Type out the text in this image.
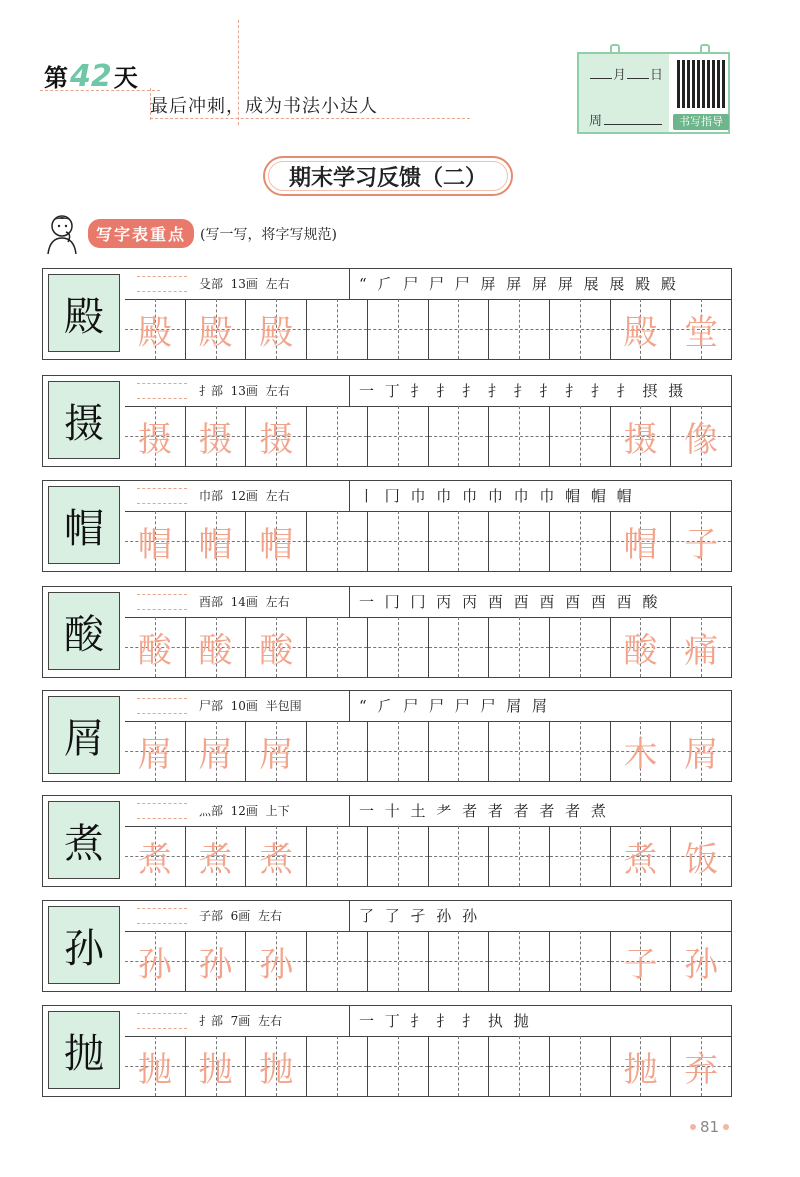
第 42 天
最后冲刺，成为书法小达人
月 日
周	书写指导
期末学习反馈（二）
写字表重点	(写一写，将字写规范)
殿
殳部 13画 左右	“ ⺁ 尸 尸 尸 屏 屏 屏 屏 展 展 殿 殿
殿 殿 殿	殿 堂
摄
扌部 13画 左右	一 丁 扌 扌 扌 扌 扌 扌 扌 扌 扌 摂 摄
摄 摄 摄	摄 像
帽
巾部 12画 左右	丨 冂 巾 巾 巾 巾 巾 巾 帽 帽 帽
帽 帽 帽	帽 子
酸
酉部 14画 左右	一 冂 冂 丙 丙 酉 酉 酉 酉 酉 酉 酸
酸 酸 酸	酸 痛
屑
尸部 10画 半包围	“ ⺁ 尸 尸 尸 尸 屑 屑
屑 屑 屑	木 屑
煮
灬部 12画 上下	一 十 土 耂 者 者 者 者 者 煮
煮 煮 煮	煮 饭
孙
子部 6画 左右	了 了 孑 孙 孙
孙 孙 孙	子 孙
抛
扌部 7画 左右	一 丁 扌 扌 扌 执 抛
抛 抛 抛	抛 弃
81
